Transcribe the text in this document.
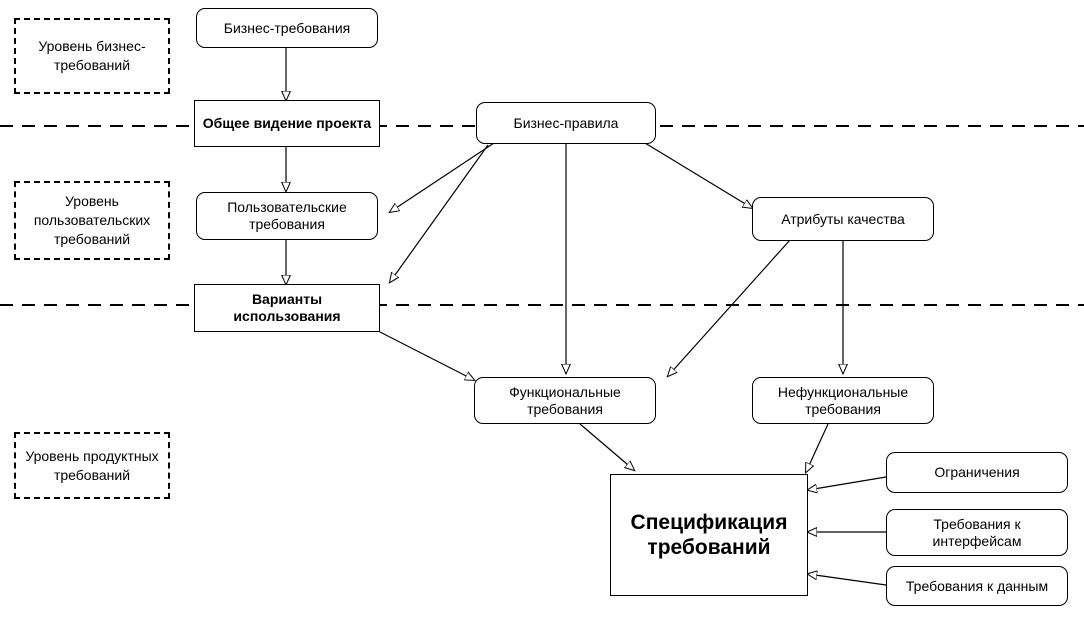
Уровень бизнес-требований
Уровень пользовательских требований
Уровень продуктных требований
Бизнес-требования
Общее видение проекта	Бизнес-правила
Пользовательские требования	Атрибуты качества
Варианты использования
Функциональные требования
Нефункциональные требования
Спецификация требований
Ограничения
Требования к интерфейсам
Требования к данным
